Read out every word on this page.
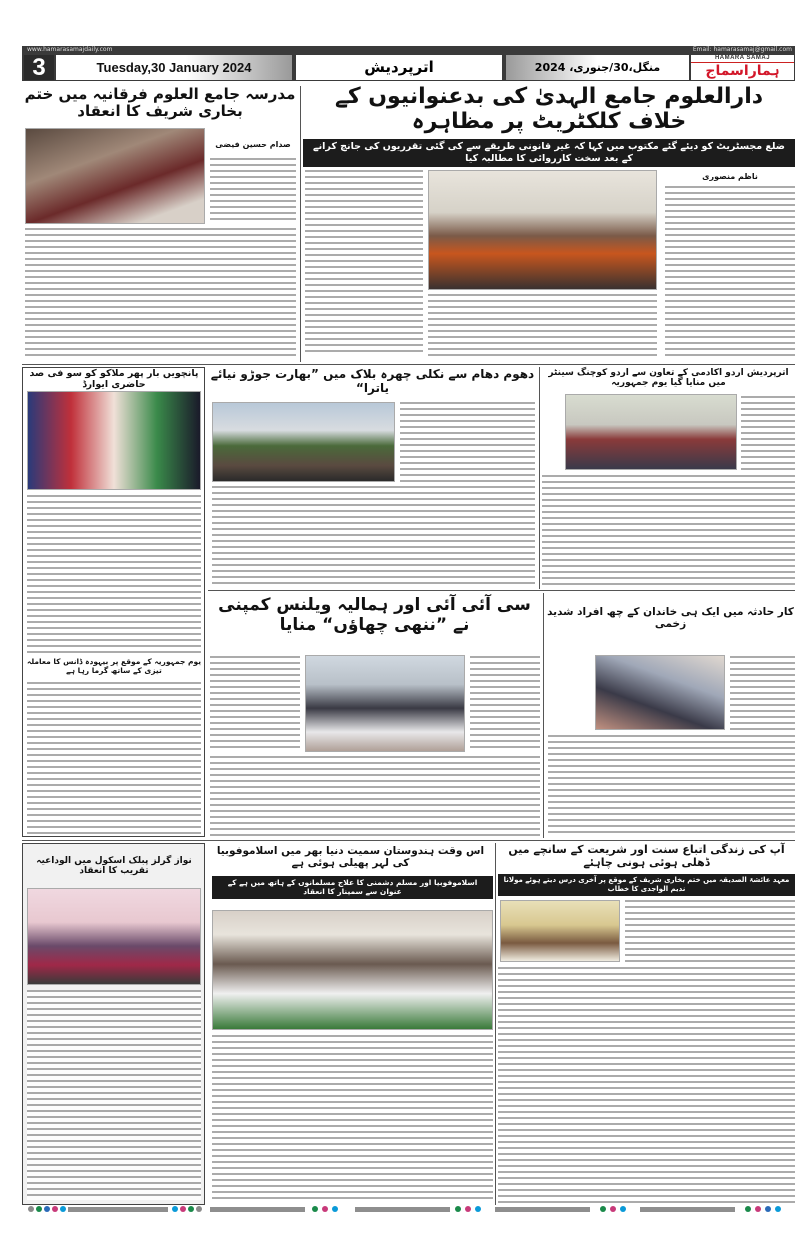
www.hamarasamajdaily.com	Email: hamarasamaj@gmail.com
3	Tuesday,30 January 2024	اترپردیش	منگل،30/جنوری، 2024
HAMARA SAMAJ
ہماراسماج
مدرسہ جامع العلوم فرقانیہ میں ختم بخاری شریف کا انعقاد
صدام حسین فیضی
دارالعلوم جامع الہدیٰ کی بدعنوانیوں کے خلاف کلکٹریٹ پر مظاہرہ
ضلع مجسٹریٹ کو دیئے گئے مکتوب میں کہا کہ غیر قانونی طریقے سے کی گئی تقرریوں کی جانچ کرانے کے بعد سخت کارروائی کا مطالبہ کیا
ناظم منصوری
پانچویں بار پھر ملاکو کو سو فی صد حاضری ایوارڈ
یوم جمہوریہ کے موقع پر بیہودہ ڈانس کا معاملہ تیزی کے ساتھ گرما رہا ہے
دھوم دھام سے نکلی چھرہ بلاک میں ”بھارت جوڑو نیائے یاترا“
اترپردیش اردو اکادمی کے تعاون سے اردو کوچنگ سینٹر میں منایا گیا یوم جمہوریہ
سی آئی آئی اور ہمالیہ ویلنس کمپنی نے ”ننھی چھاؤں“ منایا
کار حادثہ میں ایک ہی خاندان کے چھ افراد شدید زخمی
نواز گرلز پبلک اسکول میں الوداعیہ تقریب کا انعقاد
اس وقت ہندوستان سمیت دنیا بھر میں اسلاموفوبیا کی لہر پھیلی ہوئی ہے
اسلاموفوبیا اور مسلم دشمنی کا علاج مسلمانوں کے ہاتھ میں ہے کے عنوان سے سمینار کا انعقاد
آپ کی زندگی اتباع سنت اور شریعت کے سانچے میں ڈھلی ہوئی ہونی چاہئے
معہد عائشۃ الصدیقہ میں ختم بخاری شریف کے موقع پر آخری درس دیتے ہوئے مولانا ندیم الواجدی کا خطاب
